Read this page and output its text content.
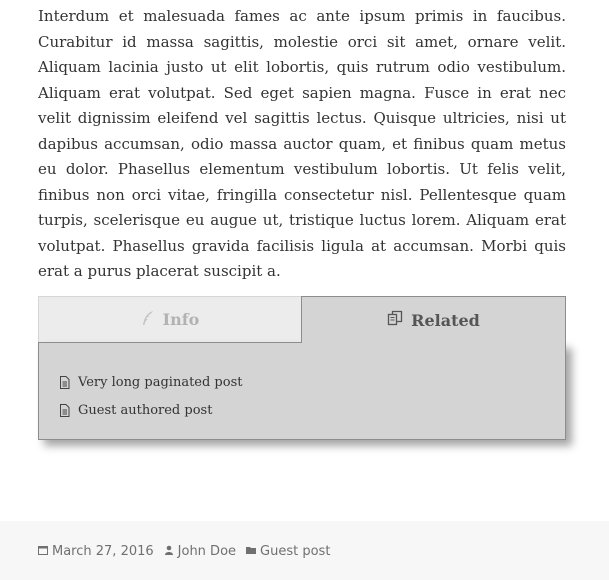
Interdum et malesuada fames ac ante ipsum primis in faucibus. Curabitur id massa sagittis, molestie orci sit amet, ornare velit. Aliquam lacinia justo ut elit lobortis, quis rutrum odio vestibulum. Aliquam erat volutpat. Sed eget sapien magna. Fusce in erat nec velit dignissim eleifend vel sagittis lectus. Quisque ultricies, nisi ut dapibus accumsan, odio massa auctor quam, et finibus quam metus eu dolor. Phasellus elementum vestibulum lobortis. Ut felis velit, finibus non orci vitae, fringilla consectetur nisl. Pellentesque quam turpis, scelerisque eu augue ut, tristique luctus lorem. Aliquam erat volutpat. Phasellus gravida facilisis ligula at accumsan. Morbi quis erat a purus placerat suscipit a.

Info	Related
Very long paginated post
Guest authored post
March 27, 2016 John Doe Guest post
